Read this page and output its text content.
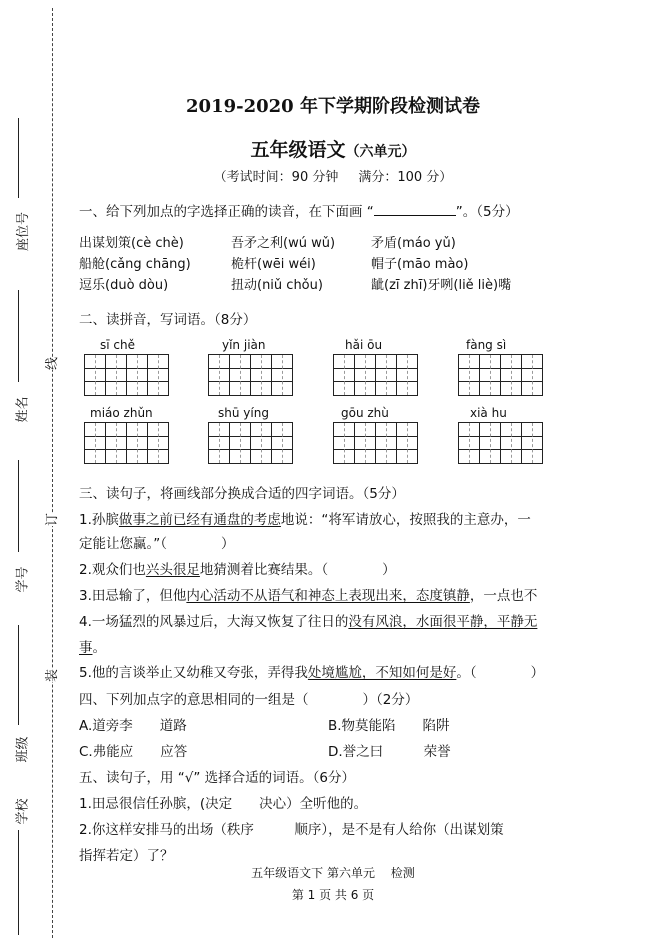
座位号
姓名
学号
班级
学校
线
订
装
2019-2020 年下学期阶段检测试卷
五年级语文（六单元）
（考试时间：90 分钟 满分：100 分）
一、给下列加点的字选择正确的读音，在下面画 “	”。（5分）
出谋划策(cè chè)	吾矛之利(wú wǔ)	矛盾(máo yǔ)
船舱(cǎng chāng)	桅杆(wēi wéi)	帽子(māo mào)
逗乐(duò dòu)	扭动(niǔ chǒu)	龇(zī zhī)牙咧(liě liè)嘴
二、读拼音，写词语。（8分）
sī chě	yǐn jiàn	hǎi ōu	fàng sì
miáo zhǔn	shū yíng	gōu zhù	xià hu
三、读句子，将画线部分换成合适的四字词语。（5分）
1.孙膑做事之前已经有通盘的考虑地说：“将军请放心，按照我的主意办，一
定能让您赢。”（　　　　）
2.观众们也兴头很足地猜测着比赛结果。（　　　　）
3.田忌输了，但他内心活动不从语气和神态上表现出来，态度镇静，一点也不
4.一场猛烈的风暴过后，大海又恢复了往日的没有风浪，水面很平静，平静无
事。
5.他的言谈举止又幼稚又夸张，弄得我处境尴尬，不知如何是好。（　　　　）
四、下列加点字的意思相同的一组是（　　　　）（2分）
A.道旁李　　道路	B.物莫能陷　　陷阱
C.弗能应　　应答	D.誉之曰　　　荣誉
五、读句子，用 “√” 选择合适的词语。（6分）
1.田忌很信任孙膑，(决定　　决心）全听他的。
2.你这样安排马的出场（秩序　　　顺序），是不是有人给你（出谋划策
指挥若定）了？
五年级语文下 第六单元　 检测
第 1 页 共 6 页
